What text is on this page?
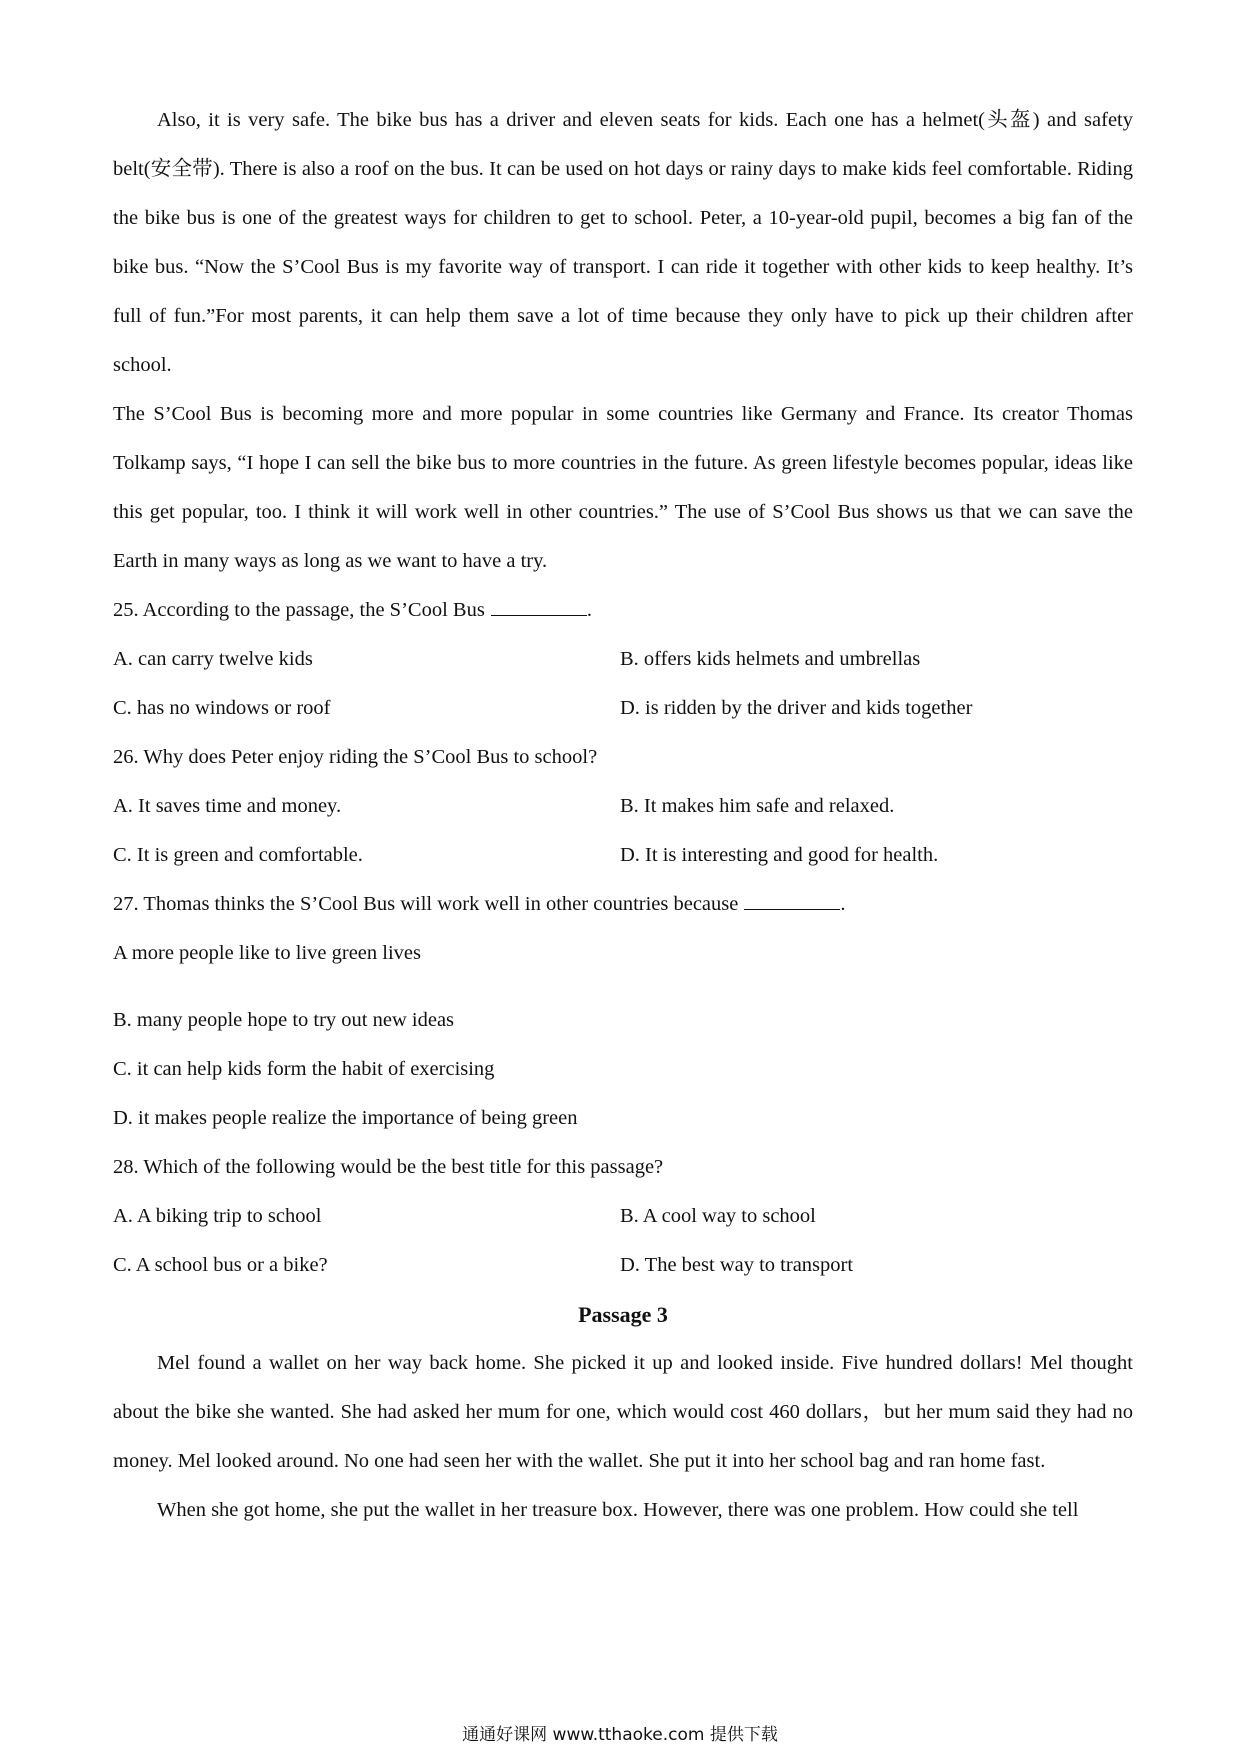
Also, it is very safe. The bike bus has a driver and eleven seats for kids. Each one has a helmet(头盔) and safety belt(安全带). There is also a roof on the bus. It can be used on hot days or rainy days to make kids feel comfortable. Riding the bike bus is one of the greatest ways for children to get to school. Peter, a 10-year-old pupil, becomes a big fan of the bike bus. “Now the S’Cool Bus is my favorite way of transport. I can ride it together with other kids to keep healthy. It’s full of fun.”For most parents, it can help them save a lot of time because they only have to pick up their children after school.

The S’Cool Bus is becoming more and more popular in some countries like Germany and France. Its creator Thomas Tolkamp says, “I hope I can sell the bike bus to more countries in the future. As green lifestyle becomes popular, ideas like this get popular, too. I think it will work well in other countries.” The use of S’Cool Bus shows us that we can save the Earth in many ways as long as we want to have a try.

25. According to the passage, the S’Cool Bus	.

A. can carry twelve kids	B. offers kids helmets and umbrellas
C. has no windows or roof	D. is ridden by the driver and kids together

26. Why does Peter enjoy riding the S’Cool Bus to school?

A. It saves time and money.	B. It makes him safe and relaxed.
C. It is green and comfortable.	D. It is interesting and good for health.

27. Thomas thinks the S’Cool Bus will work well in other countries because	.

A more people like to live green lives

B. many people hope to try out new ideas

C. it can help kids form the habit of exercising

D. it makes people realize the importance of being green

28. Which of the following would be the best title for this passage?

A. A biking trip to school	B. A cool way to school
C. A school bus or a bike?	D. The best way to transport

Passage 3

Mel found a wallet on her way back home. She picked it up and looked inside. Five hundred dollars! Mel thought about the bike she wanted. She had asked her mum for one, which would cost 460 dollars，but her mum said they had no money. Mel looked around. No one had seen her with the wallet. She put it into her school bag and ran home fast.

When she got home, she put the wallet in her treasure box. However, there was one problem. How could she tell

通通好课网 www.tthaoke.com 提供下载
